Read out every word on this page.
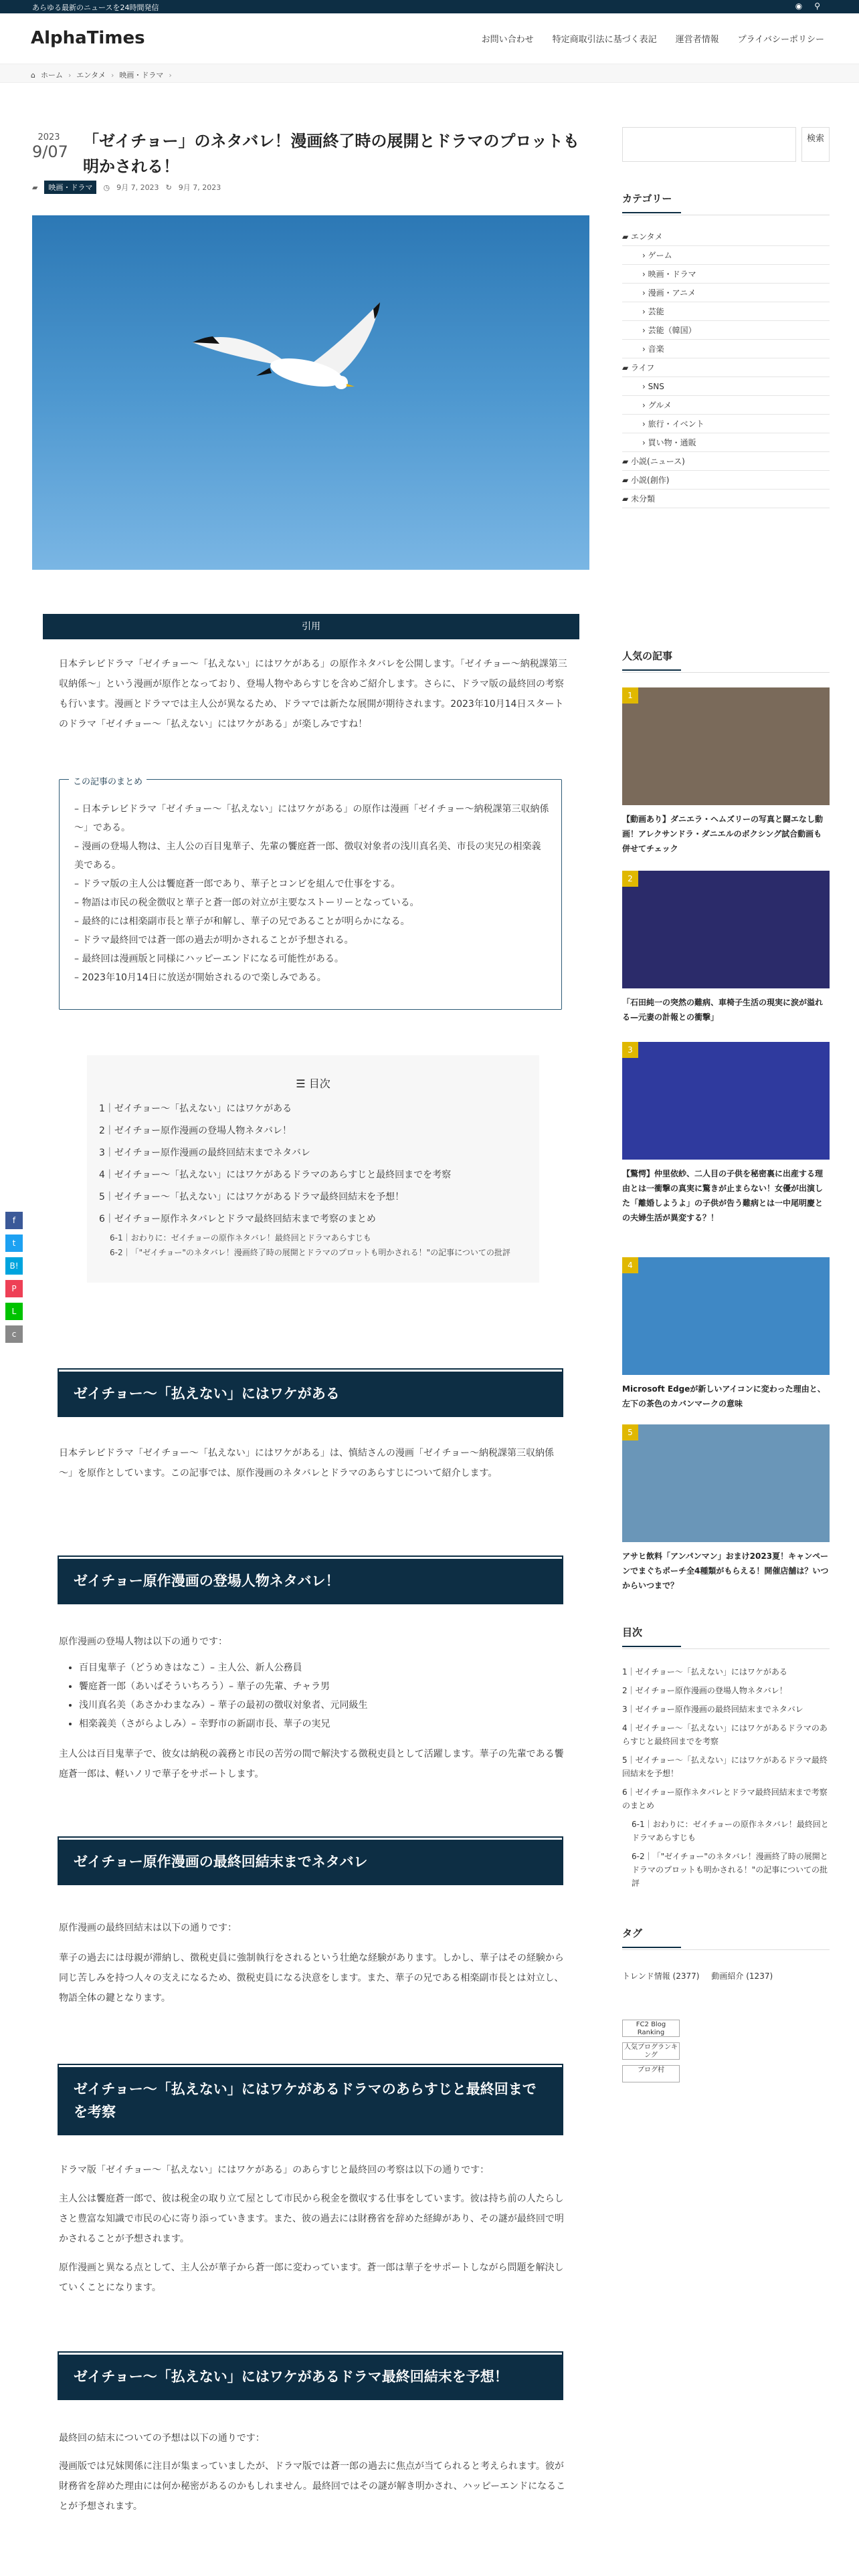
あらゆる最新のニュースを24時間発信	◉ ⚲
AlphaTimes	お問い合わせ 特定商取引法に基づく表記 運営者情報 プライバシーポリシー
⌂ ホーム › エンタメ › 映画・ドラマ ›
2023
9/07
「ゼイチョー」のネタバレ！漫画終了時の展開とドラマのプロットも明かされる！
▰	映画・ドラマ	◷ 9月 7, 2023 ↻ 9月 7, 2023
引用
日本テレビドラマ「ゼイチョー～「払えない」にはワケがある」の原作ネタバレを公開します。「ゼイチョー～納税課第三収納係～」という漫画が原作となっており、登場人物やあらすじを含めご紹介します。さらに、ドラマ版の最終回の考察も行います。漫画とドラマでは主人公が異なるため、ドラマでは新たな展開が期待されます。2023年10月14日スタートのドラマ「ゼイチョー～「払えない」にはワケがある」が楽しみですね！
この記事のまとめ
– 日本テレビドラマ「ゼイチョー～「払えない」にはワケがある」の原作は漫画「ゼイチョー～納税課第三収納係～」である。
– 漫画の登場人物は、主人公の百目鬼華子、先輩の饗庭蒼一郎、徴収対象者の浅川真名美、市長の実兄の相楽義美である。
– ドラマ版の主人公は饗庭蒼一郎であり、華子とコンビを組んで仕事をする。
– 物語は市民の税金徴収と華子と蒼一郎の対立が主要なストーリーとなっている。
– 最終的には相楽副市長と華子が和解し、華子の兄であることが明らかになる。
– ドラマ最終回では蒼一郎の過去が明かされることが予想される。
– 最終回は漫画版と同様にハッピーエンドになる可能性がある。
– 2023年10月14日に放送が開始されるので楽しみである。
☰ 目次
1｜ゼイチョー～「払えない」にはワケがある
2｜ゼイチョー原作漫画の登場人物ネタバレ！
3｜ゼイチョー原作漫画の最終回結末までネタバレ
4｜ゼイチョー～「払えない」にはワケがあるドラマのあらすじと最終回までを考察
5｜ゼイチョー～「払えない」にはワケがあるドラマ最終回結末を予想！
6｜ゼイチョー原作ネタバレとドラマ最終回結末まで考察のまとめ
6-1｜おわりに：ゼイチョーの原作ネタバレ！最終回とドラマあらすじも
6-2｜「"ゼイチョー"のネタバレ！漫画終了時の展開とドラマのプロットも明かされる！"の記事についての批評
ゼイチョー～「払えない」にはワケがある
日本テレビドラマ「ゼイチョー～「払えない」にはワケがある」は、慎結さんの漫画「ゼイチョー～納税課第三収納係～」を原作としています。この記事では、原作漫画のネタバレとドラマのあらすじについて紹介します。
ゼイチョー原作漫画の登場人物ネタバレ！
原作漫画の登場人物は以下の通りです：
• 百目鬼華子（どうめきはなこ）– 主人公、新人公務員
• 饗庭蒼一郎（あいばそういちろう）– 華子の先輩、チャラ男
• 浅川真名美（あさかわまなみ）– 華子の最初の徴収対象者、元同級生
• 相楽義美（さがらよしみ）– 幸野市の新副市長、華子の実兄
主人公は百目鬼華子で、彼女は納税の義務と市民の苦労の間で解決する徴税吏員として活躍します。華子の先輩である饗庭蒼一郎は、軽いノリで華子をサポートします。
ゼイチョー原作漫画の最終回結末までネタバレ
原作漫画の最終回結末は以下の通りです：
華子の過去には母親が滞納し、徴税吏員に強制執行をされるという壮絶な経験があります。しかし、華子はその経験から同じ苦しみを持つ人々の支えになるため、徴税吏員になる決意をします。また、華子の兄である相楽副市長とは対立し、物語全体の鍵となります。
ゼイチョー～「払えない」にはワケがあるドラマのあらすじと最終回までを考察
ドラマ版「ゼイチョー～「払えない」にはワケがある」のあらすじと最終回の考察は以下の通りです：
主人公は饗庭蒼一郎で、彼は税金の取り立て屋として市民から税金を徴収する仕事をしています。彼は持ち前の人たらしさと豊富な知識で市民の心に寄り添っていきます。また、彼の過去には財務省を辞めた経緯があり、その謎が最終回で明かされることが予想されます。
原作漫画と異なる点として、主人公が華子から蒼一郎に変わっています。蒼一郎は華子をサポートしながら問題を解決していくことになります。
ゼイチョー～「払えない」にはワケがあるドラマ最終回結末を予想！
最終回の結末についての予想は以下の通りです：
漫画版では兄妹関係に注目が集まっていましたが、ドラマ版では蒼一郎の過去に焦点が当てられると考えられます。彼が財務省を辞めた理由には何か秘密があるのかもしれません。最終回ではその謎が解き明かされ、ハッピーエンドになることが予想されます。
f
t
B!
P
L
c
検索
カテゴリー
▰ エンタメ
› ゲーム
› 映画・ドラマ
› 漫画・アニメ
› 芸能
› 芸能（韓国）
› 音楽
▰ ライフ
› SNS
› グルメ
› 旅行・イベント
› 買い物・通販
▰ 小説(ニュース)
▰ 小説(創作)
▰ 未分類
人気の記事
1
【動画あり】ダニエラ・ヘムズリーの写真と闘エなし動画！アレクサンドラ・ダニエルのボクシング試合動画も併せてチェック
2
「石田純一の突然の難病、車椅子生活の現実に涙が溢れる—元妻の計報との衝撃」
3
【驚愕】仲里依紗、二人目の子供を秘密裏に出産する理由とは一衝撃の真実に驚きが止まらない！女優が出演した「離婚しようよ」の子供が告う難病とは一中尾明慶との夫婦生活が異変する？！
4
Microsoft Edgeが新しいアイコンに変わった理由と、左下の茶色のカバンマークの意味
5
アサヒ飲料「アンパンマン」おまけ2023夏！キャンペーンでまぐちポーチ全4種類がもらえる！開催店舗は？いつからいつまで？
目次
1｜ゼイチョー～「払えない」にはワケがある
2｜ゼイチョー原作漫画の登場人物ネタバレ！
3｜ゼイチョー原作漫画の最終回結末までネタバレ
4｜ゼイチョー～「払えない」にはワケがあるドラマのあらすじと最終回までを考察
5｜ゼイチョー～「払えない」にはワケがあるドラマ最終回結末を予想！
6｜ゼイチョー原作ネタバレとドラマ最終回結末まで考察のまとめ
6-1｜おわりに：ゼイチョーの原作ネタバレ！最終回とドラマあらすじも
6-2｜「"ゼイチョー"のネタバレ！漫画終了時の展開とドラマのプロットも明かされる！"の記事についての批評
タグ
トレンド情報 (2377) 動画紹介 (1237)
FC2 Blog Ranking
人気ブログランキング
ブログ村
